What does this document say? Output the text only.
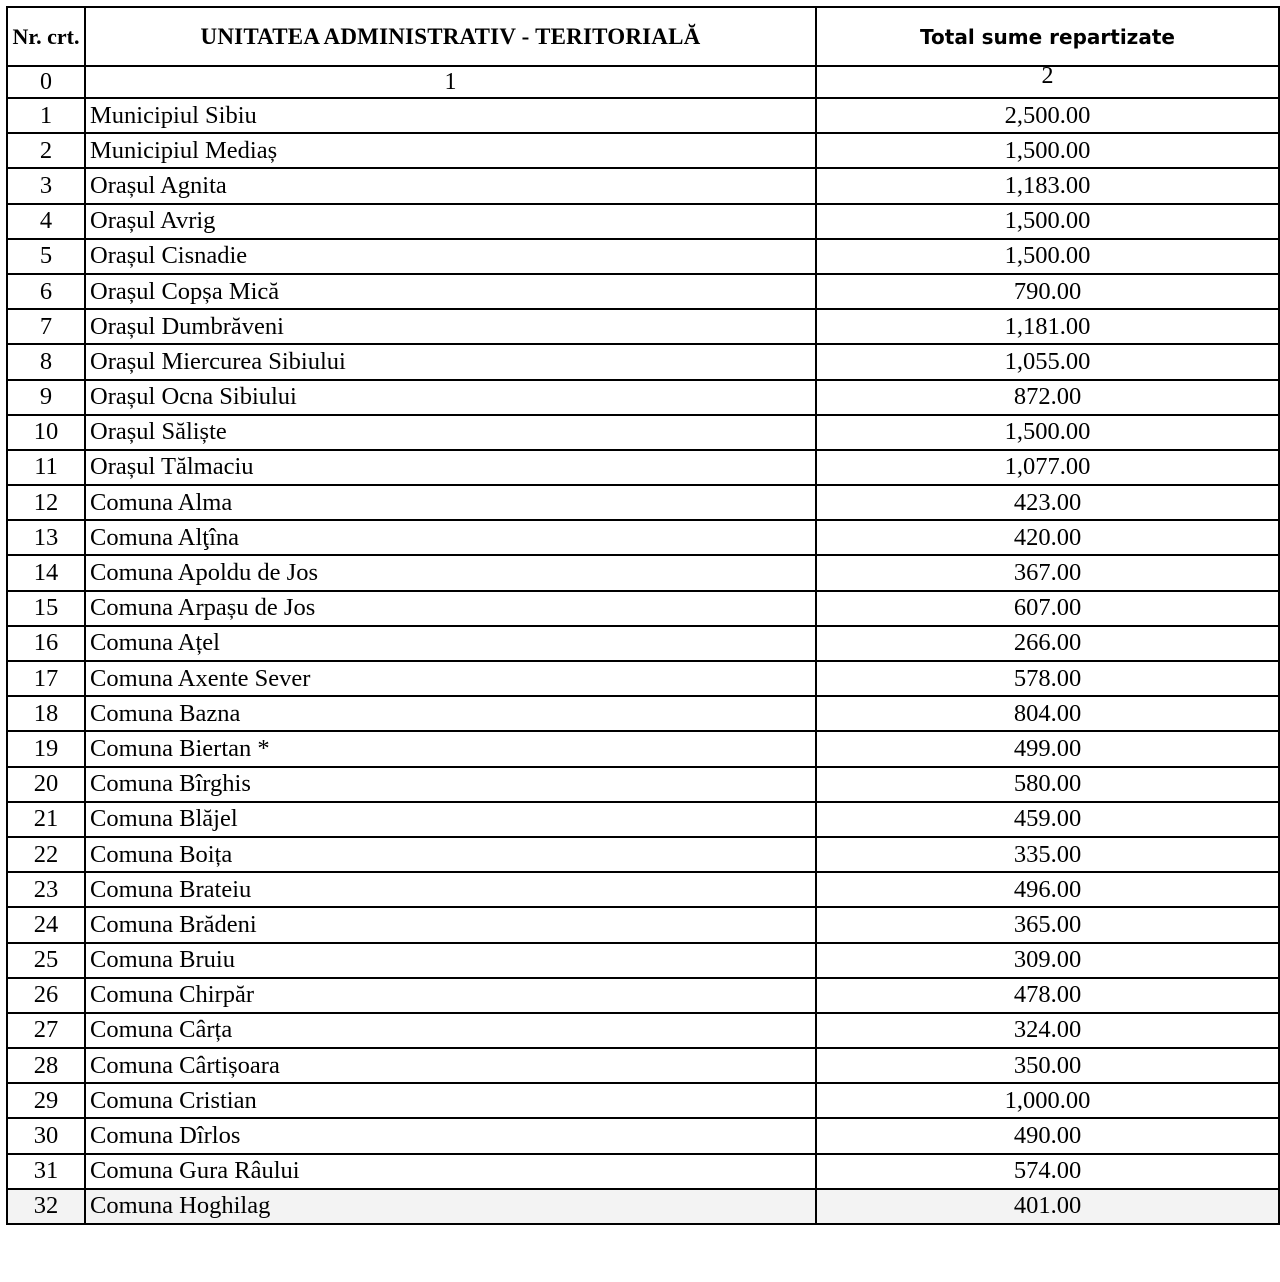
Nr. crt.	UNITATEA ADMINISTRATIV - TERITORIALĂ	Total sume repartizate
0	1	2
1	Municipiul Sibiu	2,500.00
2	Municipiul Mediaș	1,500.00
3	Orașul Agnita	1,183.00
4	Orașul Avrig	1,500.00
5	Orașul Cisnadie	1,500.00
6	Orașul Copșa Mică	790.00
7	Orașul Dumbrăveni	1,181.00
8	Orașul Miercurea Sibiului	1,055.00
9	Orașul Ocna Sibiului	872.00
10	Orașul Săliște	1,500.00
11	Orașul Tălmaciu	1,077.00
12	Comuna Alma	423.00
13	Comuna Alţîna	420.00
14	Comuna Apoldu de Jos	367.00
15	Comuna Arpașu de Jos	607.00
16	Comuna Ațel	266.00
17	Comuna Axente Sever	578.00
18	Comuna Bazna	804.00
19	Comuna Biertan *	499.00
20	Comuna Bîrghis	580.00
21	Comuna Blăjel	459.00
22	Comuna Boița	335.00
23	Comuna Brateiu	496.00
24	Comuna Brădeni	365.00
25	Comuna Bruiu	309.00
26	Comuna Chirpăr	478.00
27	Comuna Cârța	324.00
28	Comuna Cârtișoara	350.00
29	Comuna Cristian	1,000.00
30	Comuna Dîrlos	490.00
31	Comuna Gura Râului	574.00
32	Comuna Hoghilag	401.00
